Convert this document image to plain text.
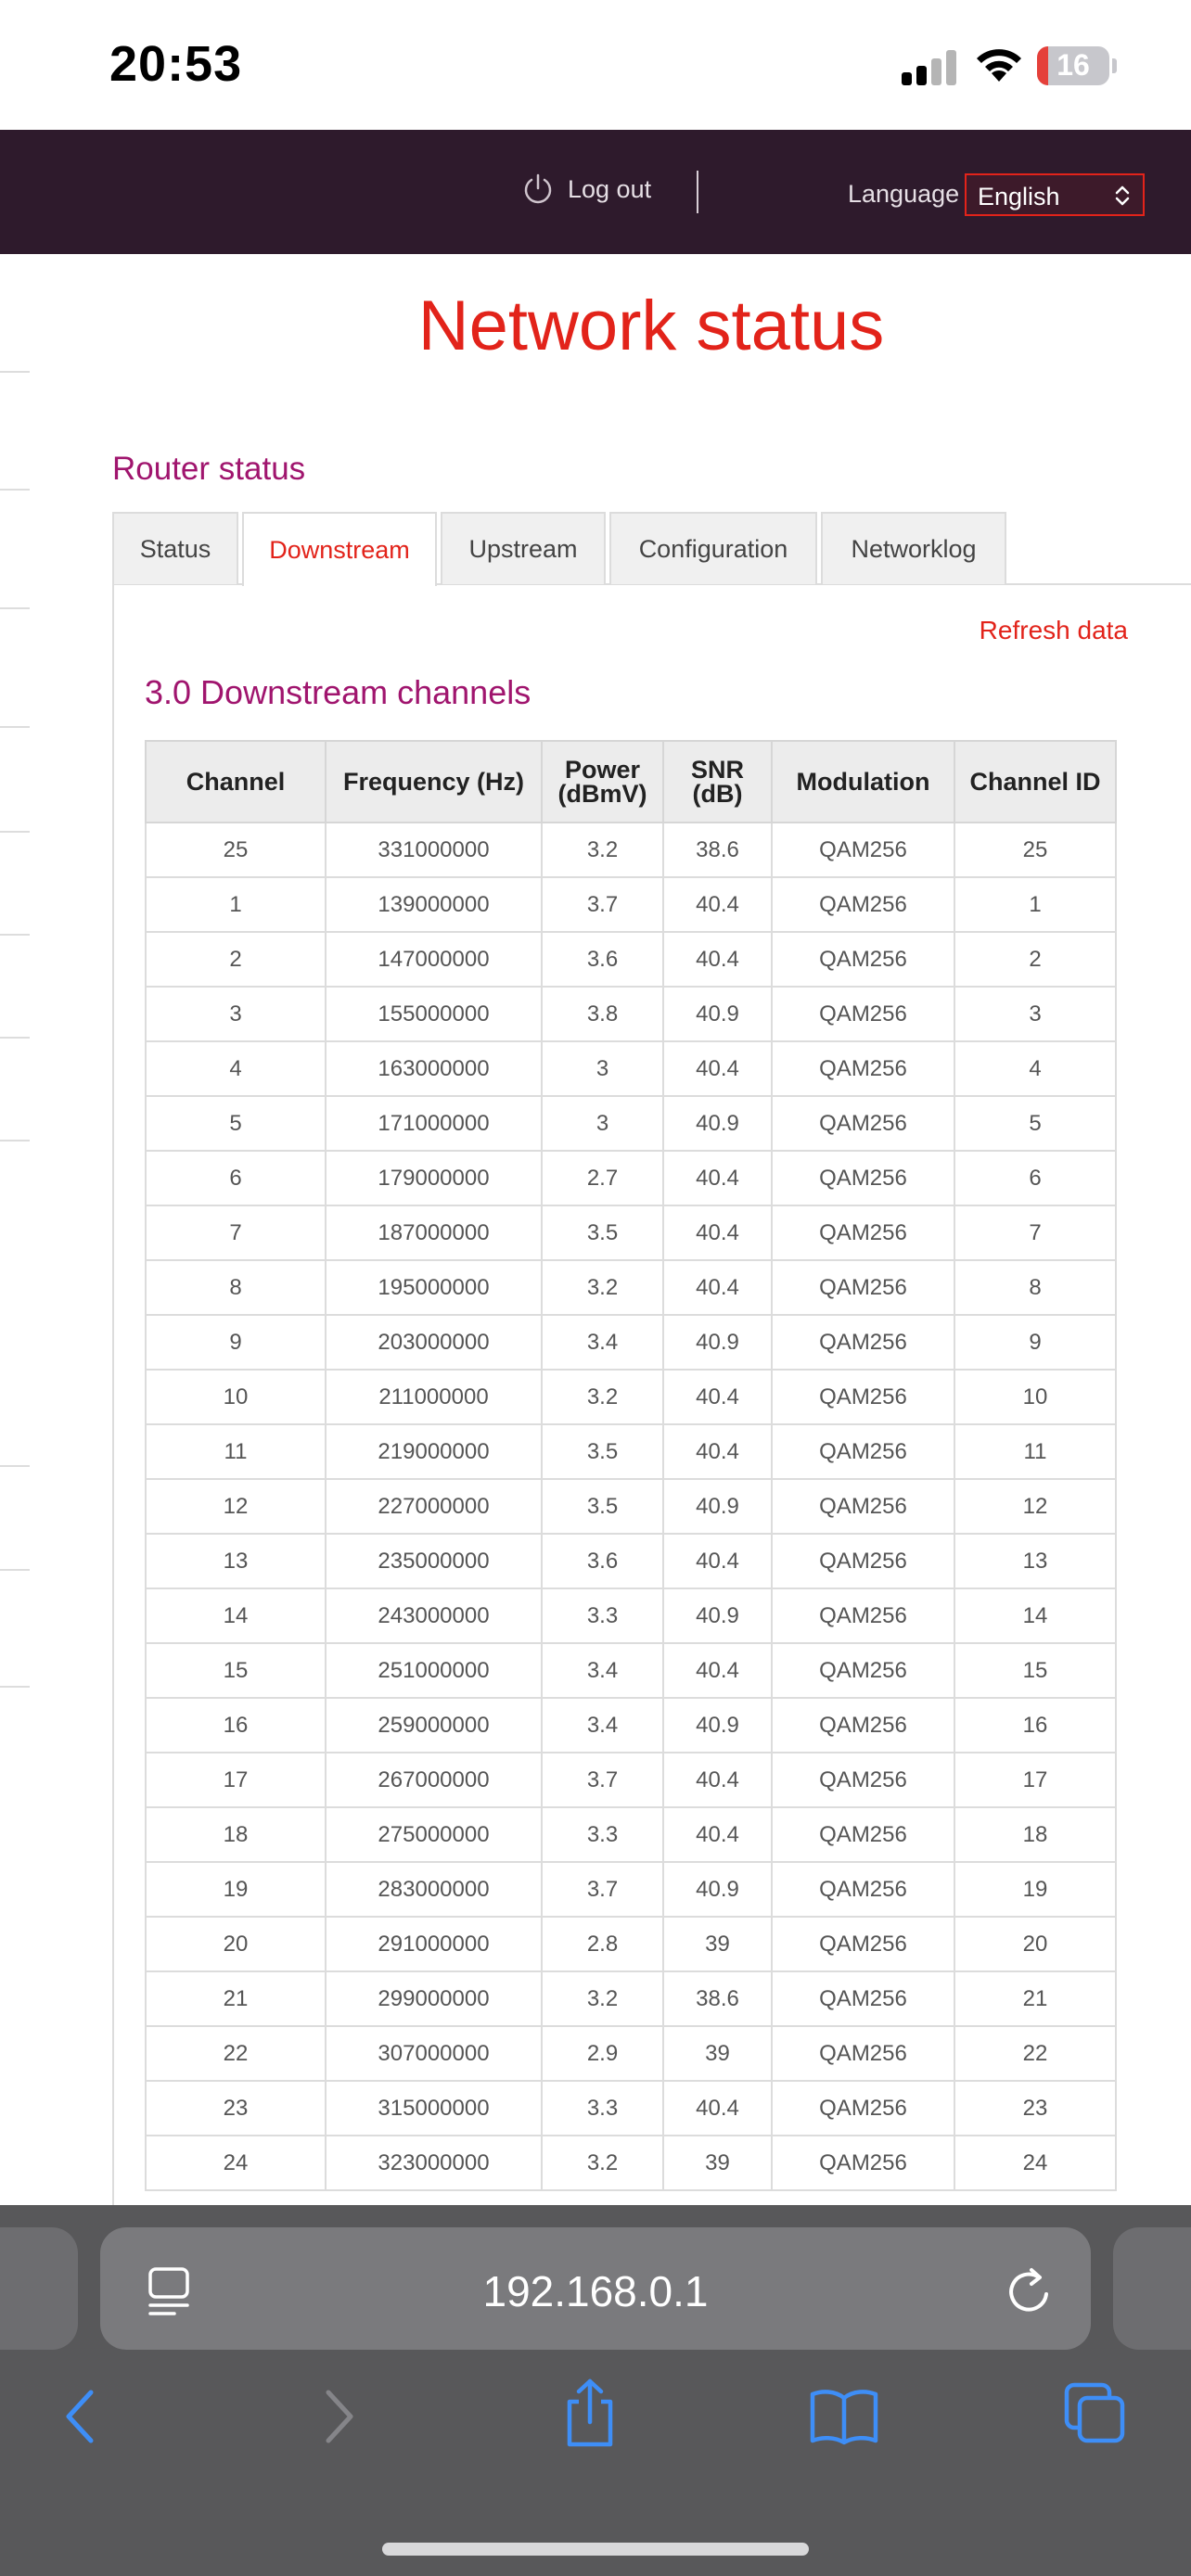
20:53	16
Log out	Language English
Network status
Router status
Status	Downstream	Upstream	Configuration	Networklog
Refresh data
3.0 Downstream channels
Channel	Frequency (Hz)	Power (dBmV)	SNR (dB)	Modulation	Channel ID
25	331000000	3.2	38.6	QAM256	25
1	139000000	3.7	40.4	QAM256	1
2	147000000	3.6	40.4	QAM256	2
3	155000000	3.8	40.9	QAM256	3
4	163000000	3	40.4	QAM256	4
5	171000000	3	40.9	QAM256	5
6	179000000	2.7	40.4	QAM256	6
7	187000000	3.5	40.4	QAM256	7
8	195000000	3.2	40.4	QAM256	8
9	203000000	3.4	40.9	QAM256	9
10	211000000	3.2	40.4	QAM256	10
11	219000000	3.5	40.4	QAM256	11
12	227000000	3.5	40.9	QAM256	12
13	235000000	3.6	40.4	QAM256	13
14	243000000	3.3	40.9	QAM256	14
15	251000000	3.4	40.4	QAM256	15
16	259000000	3.4	40.9	QAM256	16
17	267000000	3.7	40.4	QAM256	17
18	275000000	3.3	40.4	QAM256	18
19	283000000	3.7	40.9	QAM256	19
20	291000000	2.8	39	QAM256	20
21	299000000	3.2	38.6	QAM256	21
22	307000000	2.9	39	QAM256	22
23	315000000	3.3	40.4	QAM256	23
24	323000000	3.2	39	QAM256	24
192.168.0.1
